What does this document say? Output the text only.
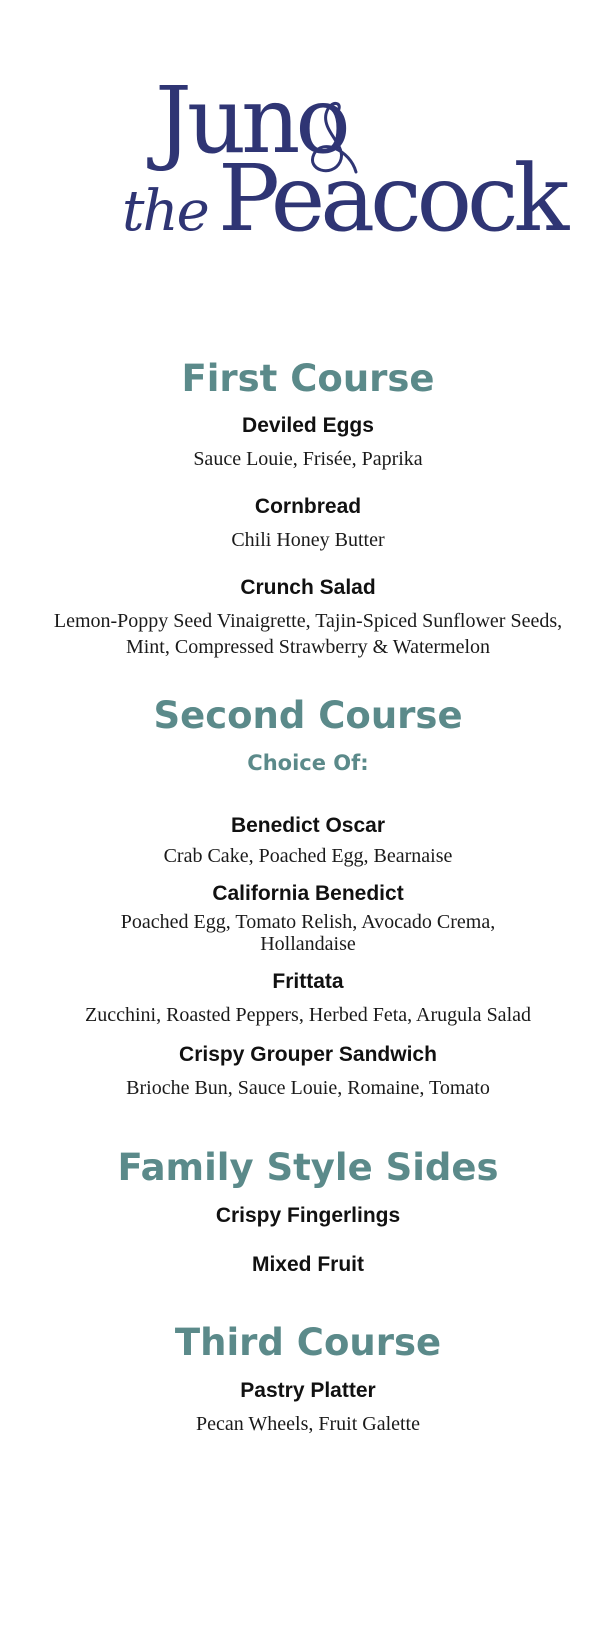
Juno
the Peacock
First Course
Deviled Eggs
Sauce Louie, Frisée, Paprika
Cornbread
Chili Honey Butter
Crunch Salad
Lemon-Poppy Seed Vinaigrette, Tajin-Spiced Sunflower Seeds,
Mint, Compressed Strawberry & Watermelon
Second Course
Choice Of:
Benedict Oscar
Crab Cake, Poached Egg, Bearnaise
California Benedict
Poached Egg, Tomato Relish, Avocado Crema,
Hollandaise
Frittata
Zucchini, Roasted Peppers, Herbed Feta, Arugula Salad
Crispy Grouper Sandwich
Brioche Bun, Sauce Louie, Romaine, Tomato
Family Style Sides
Crispy Fingerlings
Mixed Fruit
Third Course
Pastry Platter
Pecan Wheels, Fruit Galette
